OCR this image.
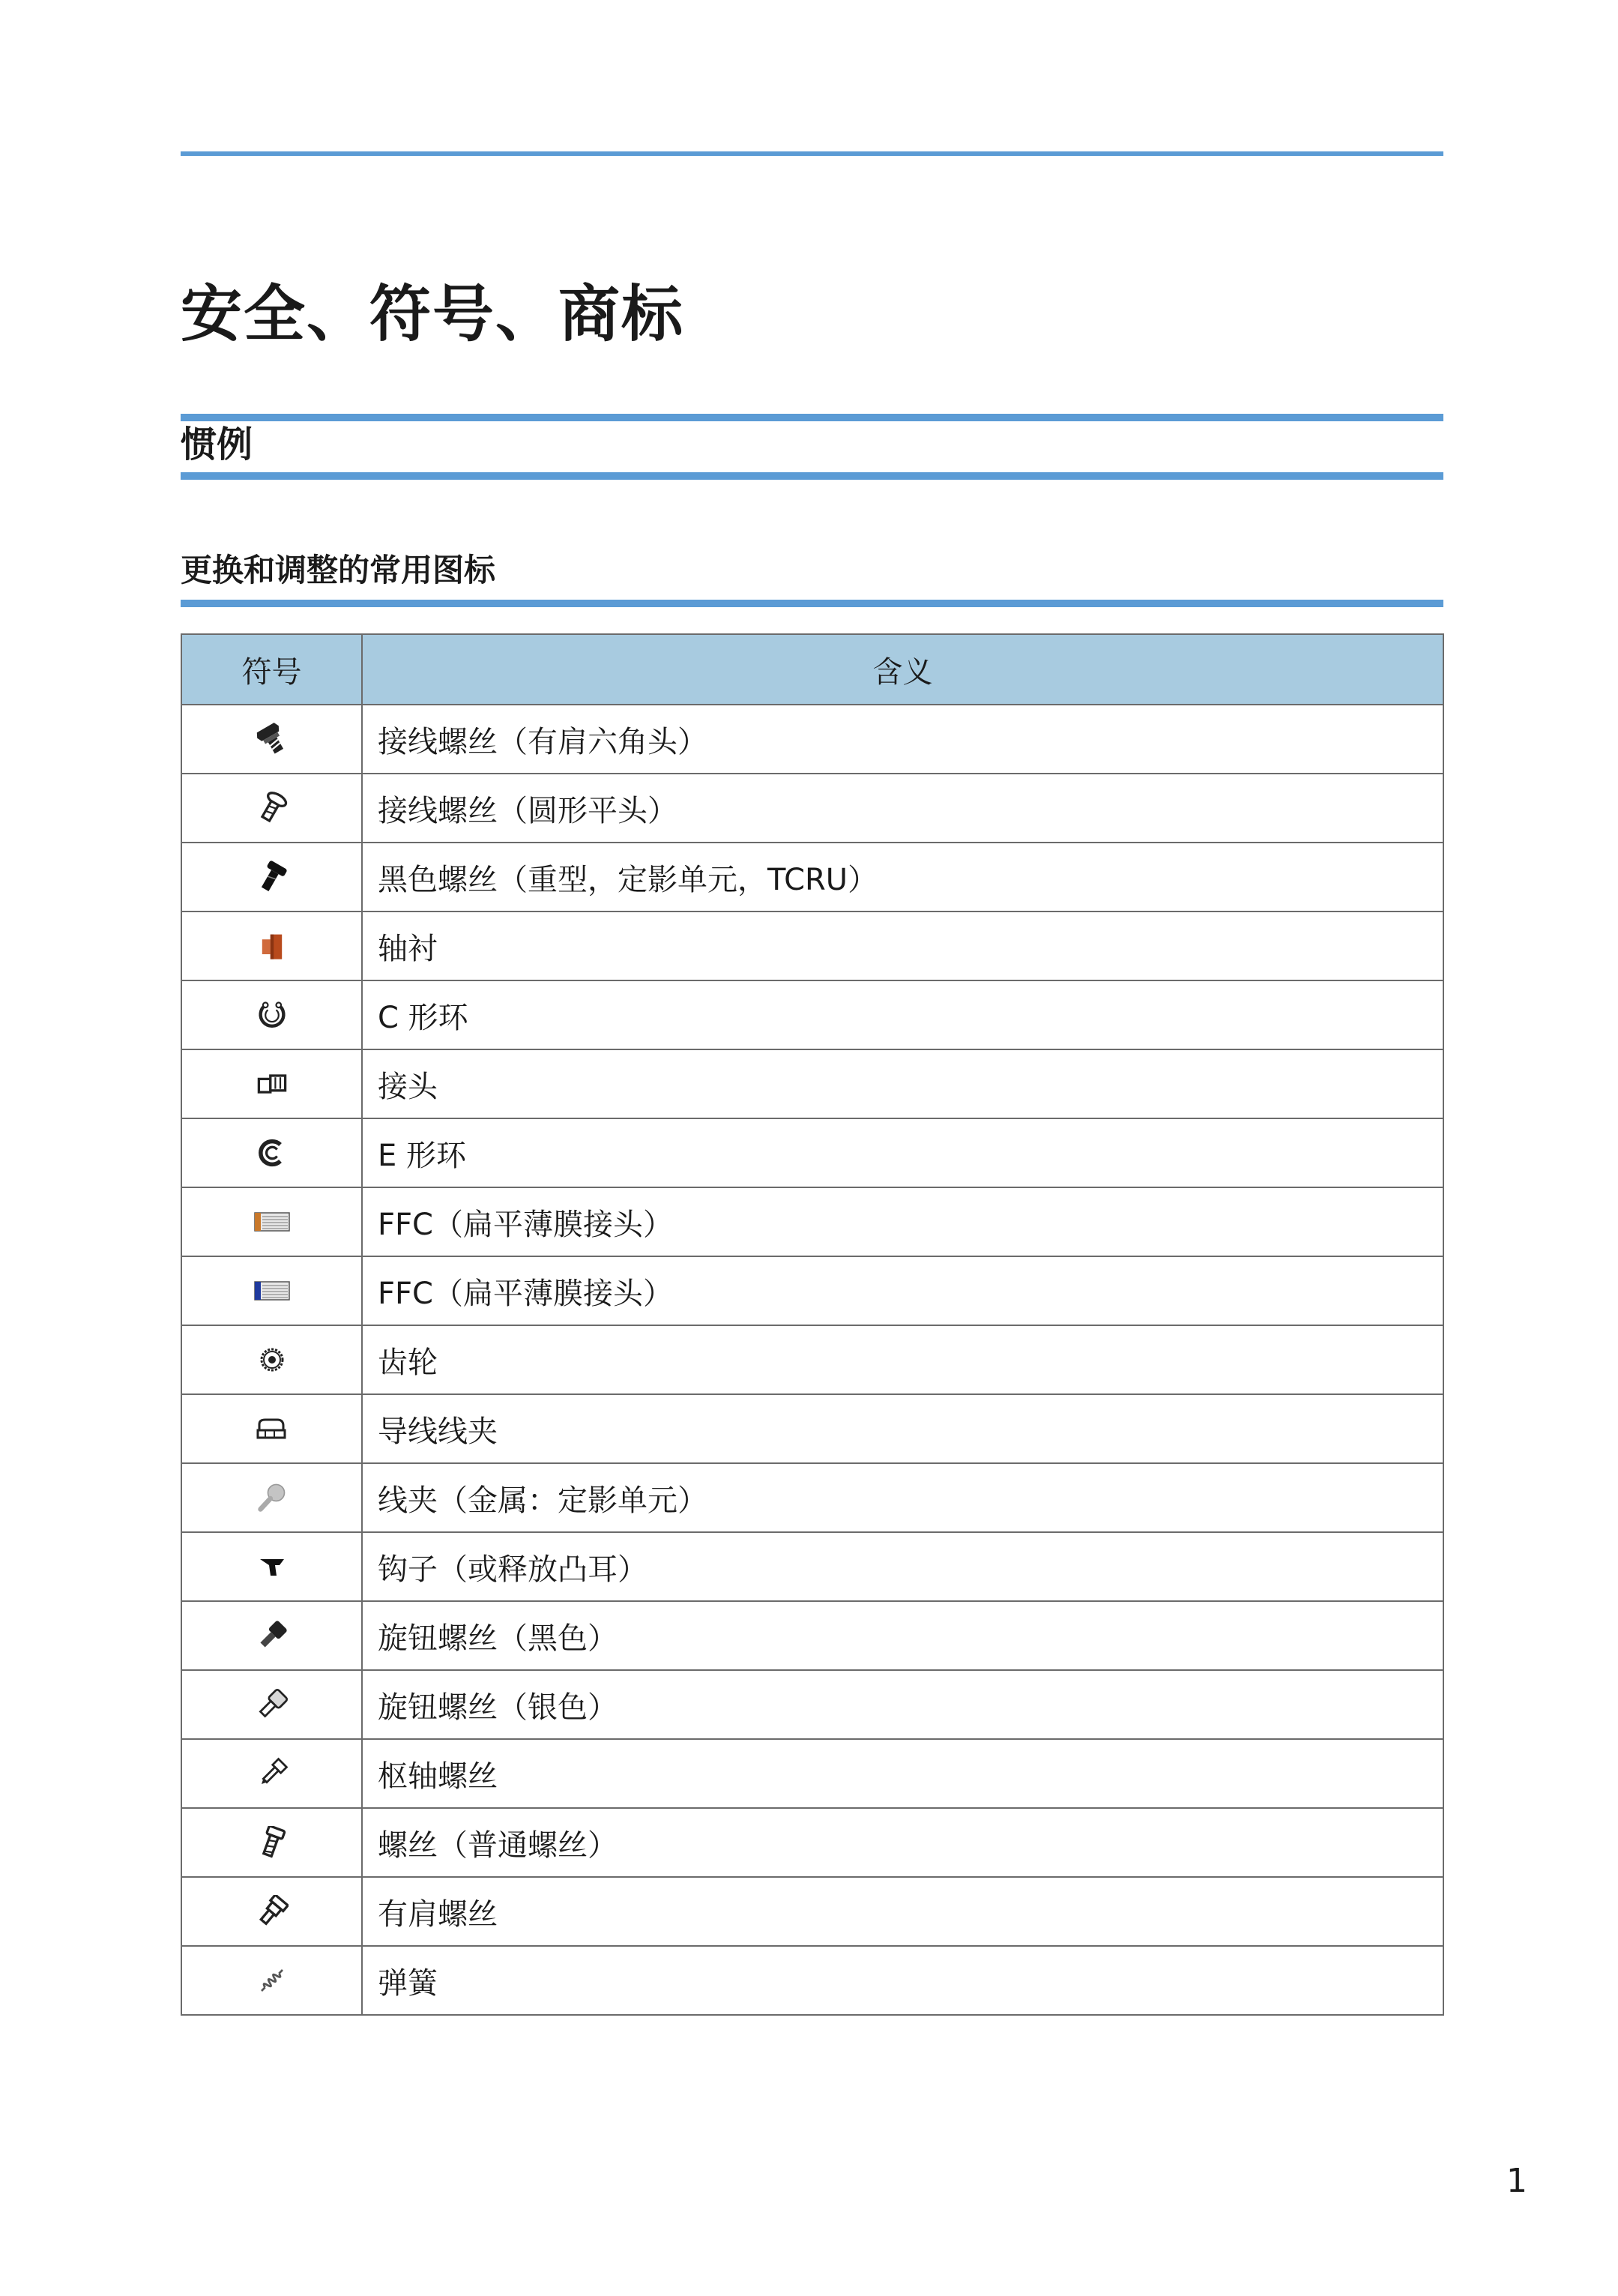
安全、符号、商标
惯例
更换和调整的常用图标
符号	含义

	接线螺丝（有肩六角头）

	接线螺丝（圆形平头）

	黑色螺丝（重型，定影单元，TCRU）

	轴衬

	C 形环

	接头

	E 形环

	FFC（扁平薄膜接头）

	FFC（扁平薄膜接头）

	齿轮

	导线线夹

	线夹（金属：定影单元）

	钩子（或释放凸耳）

	旋钮螺丝（黑色）

	旋钮螺丝（银色）

	枢轴螺丝

	螺丝（普通螺丝）

	有肩螺丝

	弹簧
1
